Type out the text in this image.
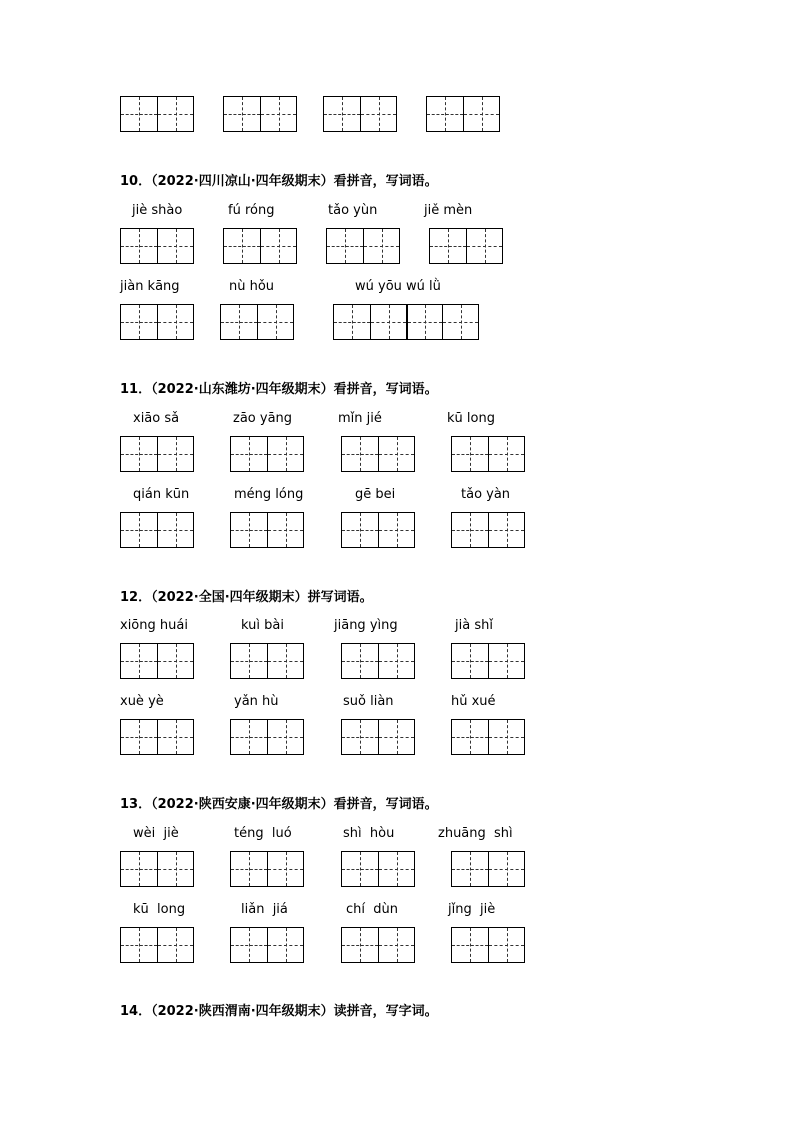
10．（2022·四川凉山·四年级期末）看拼音，写词语。
jiè shào	fú róng	tǎo yùn	jiě mèn
jiàn kāng	nù hǒu	wú yōu wú lǜ
11．（2022·山东潍坊·四年级期末）看拼音，写词语。
xiāo sǎ	zāo yāng	mǐn jié	kū long
qián kūn	méng lóng	gē bei	tǎo yàn
12．（2022·全国·四年级期末）拼写词语。
xiōng huái	kuì bài	jiāng yìng	jià shǐ
xuè yè	yǎn hù	suǒ liàn	hǔ xué
13．（2022·陕西安康·四年级期末）看拼音，写词语。
wèi  jiè	téng  luó	shì  hòu	zhuāng  shì
kū  long	liǎn  jiá	chí  dùn	jǐng  jiè
14．（2022·陕西渭南·四年级期末）读拼音，写字词。
